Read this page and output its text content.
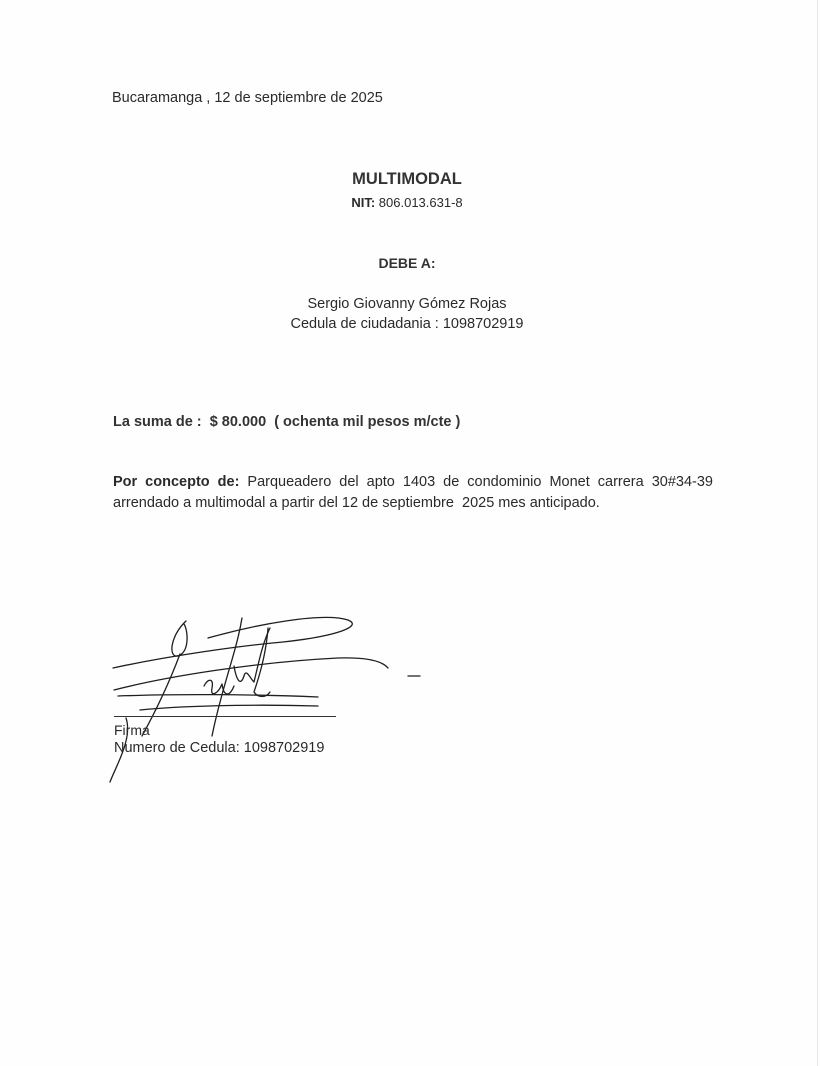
Bucaramanga , 12 de septiembre de 2025
MULTIMODAL
NIT: 806.013.631-8
DEBE A:
Sergio Giovanny Gómez Rojas
Cedula de ciudadania : 1098702919
La suma de :  $ 80.000  ( ochenta mil pesos m/cte )
Por concepto de: Parqueadero del apto 1403 de condominio Monet carrera 30#34-39
arrendado a multimodal a partir del 12 de septiembre  2025 mes anticipado.
Firma
Numero de Cedula: 1098702919
